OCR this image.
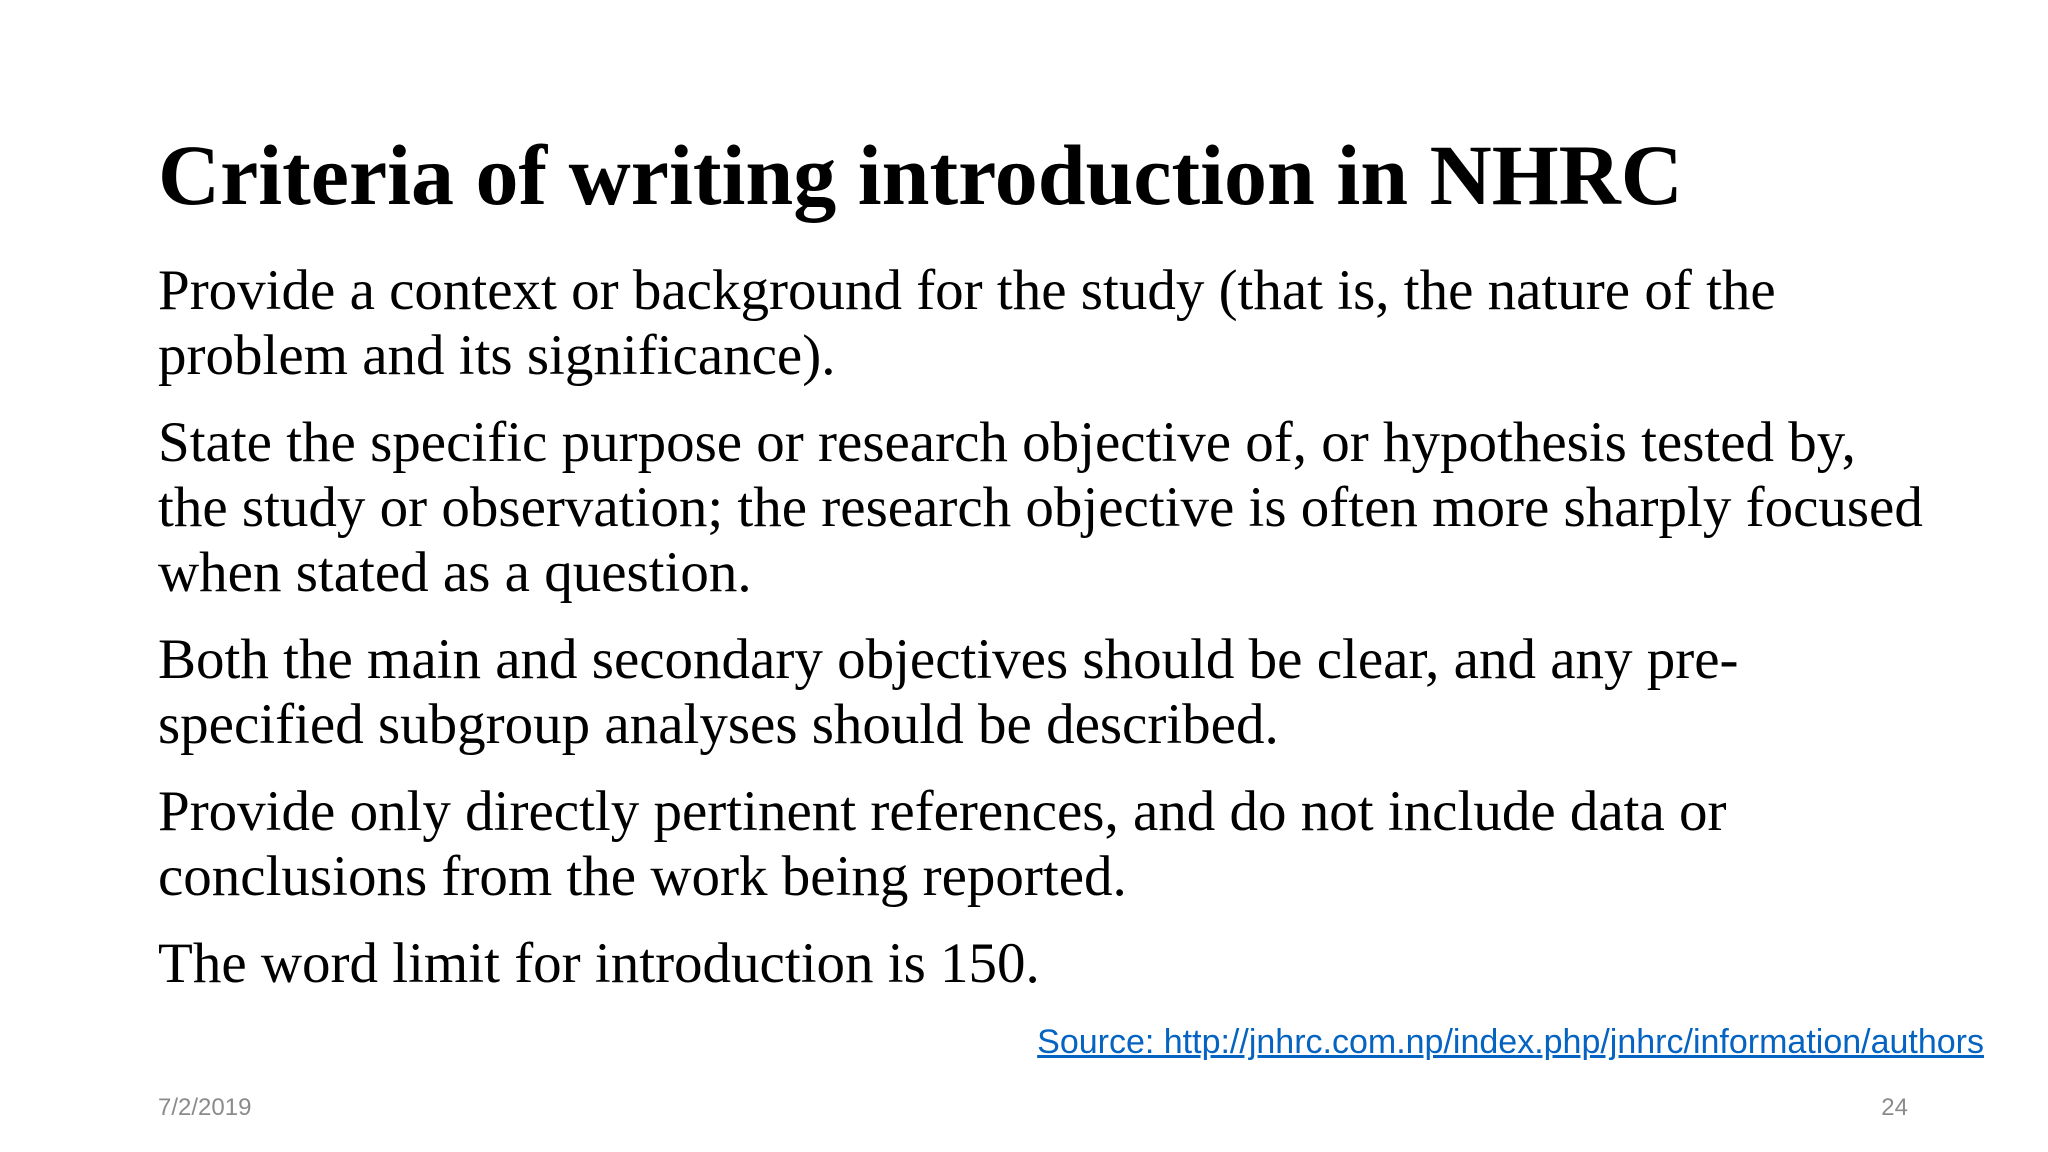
Criteria of writing introduction in NHRC

Provide a context or background for the study (that is, the nature of the problem and its significance).

State the specific purpose or research objective of, or hypothesis tested by, the study or observation; the research objective is often more sharply focused when stated as a question.

Both the main and secondary objectives should be clear, and any pre-specified subgroup analyses should be described.

Provide only directly pertinent references, and do not include data or conclusions from the work being reported.

The word limit for introduction is 150.

Source: http://jnhrc.com.np/index.php/jnhrc/information/authors
7/2/2019	24
